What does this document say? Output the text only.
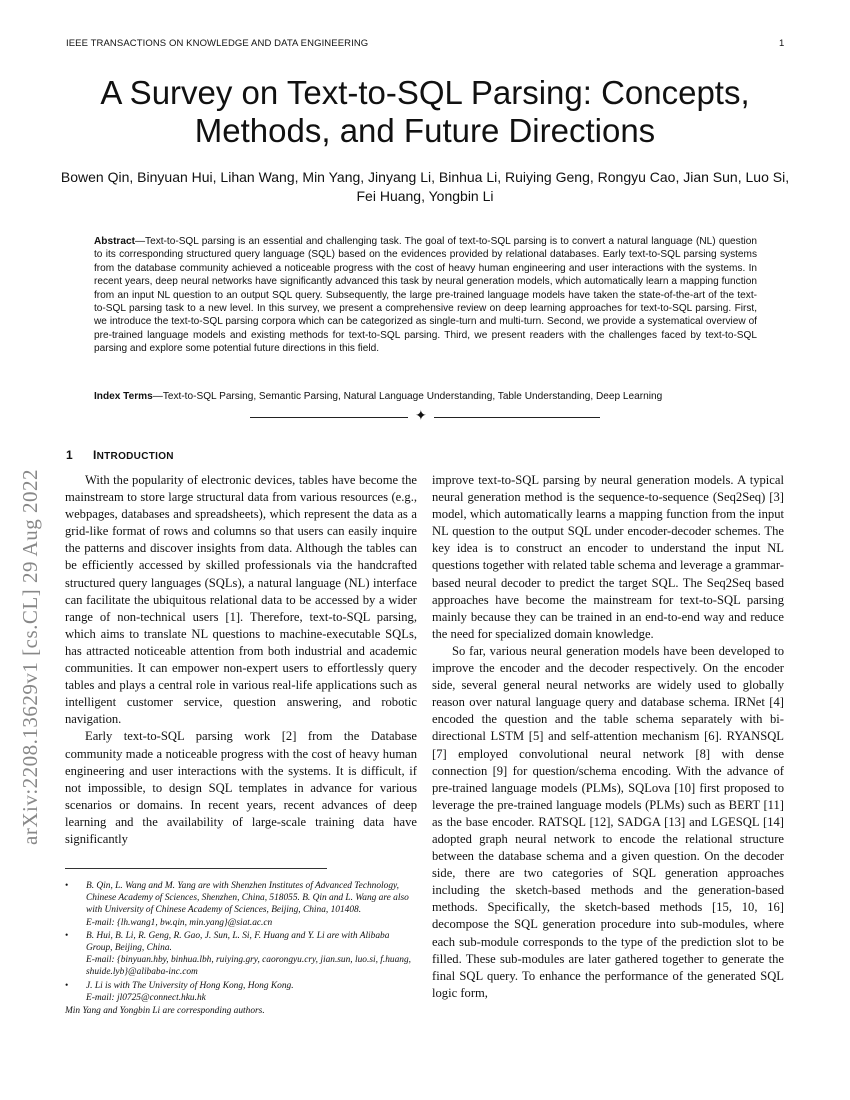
IEEE TRANSACTIONS ON KNOWLEDGE AND DATA ENGINEERING	1
A Survey on Text-to-SQL Parsing: Concepts, Methods, and Future Directions
Bowen Qin, Binyuan Hui, Lihan Wang, Min Yang, Jinyang Li, Binhua Li, Ruiying Geng, Rongyu Cao, Jian Sun, Luo Si, Fei Huang, Yongbin Li
Abstract—Text-to-SQL parsing is an essential and challenging task. The goal of text-to-SQL parsing is to convert a natural language (NL) question to its corresponding structured query language (SQL) based on the evidences provided by relational databases. Early text-to-SQL parsing systems from the database community achieved a noticeable progress with the cost of heavy human engineering and user interactions with the systems. In recent years, deep neural networks have significantly advanced this task by neural generation models, which automatically learn a mapping function from an input NL question to an output SQL query. Subsequently, the large pre-trained language models have taken the state-of-the-art of the text-to-SQL parsing task to a new level. In this survey, we present a comprehensive review on deep learning approaches for text-to-SQL parsing. First, we introduce the text-to-SQL parsing corpora which can be categorized as single-turn and multi-turn. Second, we provide a systematical overview of pre-trained language models and existing methods for text-to-SQL parsing. Third, we present readers with the challenges faced by text-to-SQL parsing and explore some potential future directions in this field.
Index Terms—Text-to-SQL Parsing, Semantic Parsing, Natural Language Understanding, Table Understanding, Deep Learning
✦
1 INTRODUCTION

With the popularity of electronic devices, tables have become the mainstream to store large structural data from various resources (e.g., webpages, databases and spreadsheets), which represent the data as a grid-like format of rows and columns so that users can easily inquire the patterns and discover insights from data. Although the tables can be efficiently accessed by skilled professionals via the handcrafted structured query languages (SQLs), a natural language (NL) interface can facilitate the ubiquitous relational data to be accessed by a wider range of non-technical users [1]. Therefore, text-to-SQL parsing, which aims to translate NL questions to machine-executable SQLs, has attracted noticeable attention from both industrial and academic communities. It can empower non-expert users to effortlessly query tables and plays a central role in various real-life applications such as intelligent customer service, question answering, and robotic navigation.

Early text-to-SQL parsing work [2] from the Database community made a noticeable progress with the cost of heavy human engineering and user interactions with the systems. It is difficult, if not impossible, to design SQL templates in advance for various scenarios or domains. In recent years, recent advances of deep learning and the availability of large-scale training data have significantly

improve text-to-SQL parsing by neural generation models. A typical neural generation method is the sequence-to-sequence (Seq2Seq) [3] model, which automatically learns a mapping function from the input NL question to the output SQL under encoder-decoder schemes. The key idea is to construct an encoder to understand the input NL questions together with related table schema and leverage a grammar-based neural decoder to predict the target SQL. The Seq2Seq based approaches have become the mainstream for text-to-SQL parsing mainly because they can be trained in an end-to-end way and reduce the need for specialized domain knowledge.

So far, various neural generation models have been developed to improve the encoder and the decoder respectively. On the encoder side, several general neural networks are widely used to globally reason over natural language query and database schema. IRNet [4] encoded the question and the table schema separately with bi-directional LSTM [5] and self-attention mechanism [6]. RYANSQL [7] employed convolutional neural network [8] with dense connection [9] for question/schema encoding. With the advance of pre-trained language models (PLMs), SQLova [10] first proposed to leverage the pre-trained language models (PLMs) such as BERT [11] as the base encoder. RATSQL [12], SADGA [13] and LGESQL [14] adopted graph neural network to encode the relational structure between the database schema and a given question. On the decoder side, there are two categories of SQL generation approaches including the sketch-based methods and the generation-based methods. Specifically, the sketch-based methods [15, 10, 16] decompose the SQL generation procedure into sub-modules, where each sub-module corresponds to the type of the prediction slot to be filled. These sub-modules are later gathered together to generate the final SQL query. To enhance the performance of the generated SQL logic form,

• B. Qin, L. Wang and M. Yang are with Shenzhen Institutes of Advanced Technology, Chinese Academy of Sciences, Shenzhen, China, 518055. B. Qin and L. Wang are also with University of Chinese Academy of Sciences, Beijing, China, 101408.
E-mail: {lh.wang1, bw.qin, min.yang}@siat.ac.cn
• B. Hui, B. Li, R. Geng, R. Gao, J. Sun, L. Si, F. Huang and Y. Li are with Alibaba Group, Beijing, China.
E-mail: {binyuan.hby, binhua.lbh, ruiying.gry, caorongyu.cry, jian.sun, luo.si, f.huang, shuide.lyb}@alibaba-inc.com
• J. Li is with The University of Hong Kong, Hong Kong.
E-mail: jl0725@connect.hku.hk
Min Yang and Yongbin Li are corresponding authors.
arXiv:2208.13629v1 [cs.CL] 29 Aug 2022
